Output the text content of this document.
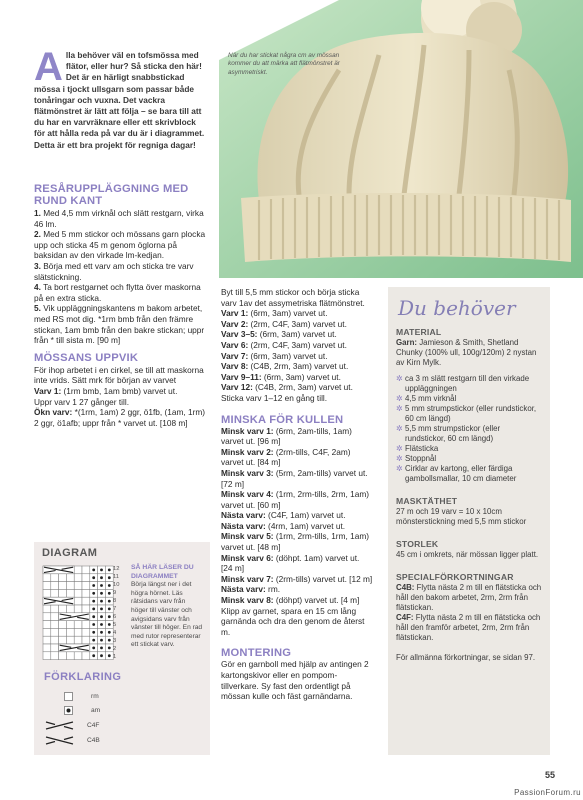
När du har stickat några cm av mössan kommer du att märka att flätmönstret är asymmetriskt.
Alla behöver väl en tofsmössa med flätor, eller hur? Så sticka den här! Det är en härligt snabbstickad mössa i tjockt ullsgarn som passar både tonåringar och vuxna. Det vackra flätmönstret är lätt att följa – se bara till att du har en varvräknare eller ett skrivblock för att hålla reda på var du är i diagrammet. Detta är ett bra projekt för regniga dagar!
RESÅRUPPLÄGGNING MED RUND KANT

1. Med 4,5 mm virknål och slätt restgarn, virka 46 lm.

2. Med 5 mm stickor och mössans garn plocka upp och sticka 45 m genom öglorna på baksidan av den virkade lm-kedjan.

3. Börja med ett varv am och sticka tre varv slätstickning.

4. Ta bort restgarnet och flytta över maskorna på en extra sticka.

5. Vik uppläggningskantens m bakom arbetet, med RS mot dig. *1rm bmb från den främre stickan, 1am bmb från den bakre stickan; uppr från * till sista m. [90 m]

MÖSSANS UPPVIK

För ihop arbetet i en cirkel, se till att maskorna inte vrids. Sätt mrk för början av varvet

Varv 1: (1rm bmb, 1am bmb) varvet ut.

Uppr varv 1 27 gånger till.

Ökn varv: *(1rm, 1am) 2 ggr, ö1fb, (1am, 1rm) 2 ggr, ö1afb; uppr från * varvet ut. [108 m]

Byt till 5,5 mm stickor och börja sticka varv 1av det assymetriska flätmönstret.

Varv 1: (6rm, 3am) varvet ut.

Varv 2: (2rm, C4F, 3am) varvet ut.

Varv 3–5: (6rm, 3am) varvet ut.

Varv 6: (2rm, C4F, 3am) varvet ut.

Varv 7: (6rm, 3am) varvet ut.

Varv 8: (C4B, 2rm, 3am) varvet ut.

Varv 9–11: (6rm, 3am) varvet ut.

Varv 12: (C4B, 2rm, 3am) varvet ut.

Sticka varv 1–12 en gång till.

MINSKA FÖR KULLEN

Minsk varv 1: (6rm, 2am-tills, 1am) varvet ut. [96 m]

Minsk varv 2: (2rm-tills, C4F, 2am) varvet ut. [84 m]

Minsk varv 3: (5rm, 2am-tills) varvet ut. [72 m]

Minsk varv 4: (1rm, 2rm-tills, 2rm, 1am) varvet ut. [60 m]

Nästa varv: (C4F, 1am) varvet ut.

Nästa varv: (4rm, 1am) varvet ut.

Minsk varv 5: (1rm, 2rm-tills, 1rm, 1am) varvet ut. [48 m]

Minsk varv 6: (döhpt. 1am) varvet ut. [24 m]

Minsk varv 7: (2rm-tills) varvet ut. [12 m]

Nästa varv: rm.

Minsk varv 8: (döhpt) varvet ut. [4 m]

Klipp av garnet, spara en 15 cm lång garnända och dra den genom de återst m.

MONTERING

Gör en garnboll med hjälp av antingen 2 kartongskivor eller en pompom-tillverkare. Sy fast den ordentligt på mössan kulle och fäst garnändarna.

Du behöver
MATERIAL

Garn: Jamieson & Smith, Shetland Chunky (100% ull, 100g/120m) 2 nystan av Kirn Mylk.

✲ ca 3 m slätt restgarn till den virkade uppläggningen
✲ 4,5 mm virknål
✲ 5 mm strumpstickor (eller rundstickor, 60 cm längd)
✲ 5,5 mm strumpstickor (eller rundstickor, 60 cm längd)
✲ Flätsticka
✲ Stoppnål
✲ Cirklar av kartong, eller färdiga gambollsmallar, 10 cm diameter
MASKTÄTHET

27 m och 19 varv = 10 x 10cm mönsterstickning med 5,5 mm stickor

STORLEK

45 cm i omkrets, när mössan ligger platt.

SPECIALFÖRKORTNINGAR

C4B: Flytta nästa 2 m till en flätsticka och håll den bakom arbetet, 2rm, 2rm från flätstickan.

C4F: Flytta nästa 2 m till en flätsticka och håll den framför arbetet, 2rm, 2rm från flätstickan.

För allmänna förkortningar, se sidan 97.

DIAGRAM
12
11
10
9
8
7
6
5
4
3
2
1
SÅ HÄR LÄSER DU DIAGRAMMET
Börja längst ner i det högra hörnet. Läs rätsidans varv från höger till vänster och avigsidans varv från vänster till höger. En rad med rutor representerar ett stickat varv.
FÖRKLARING
rm
am
C4F
C4B
55
PassionForum.ru
